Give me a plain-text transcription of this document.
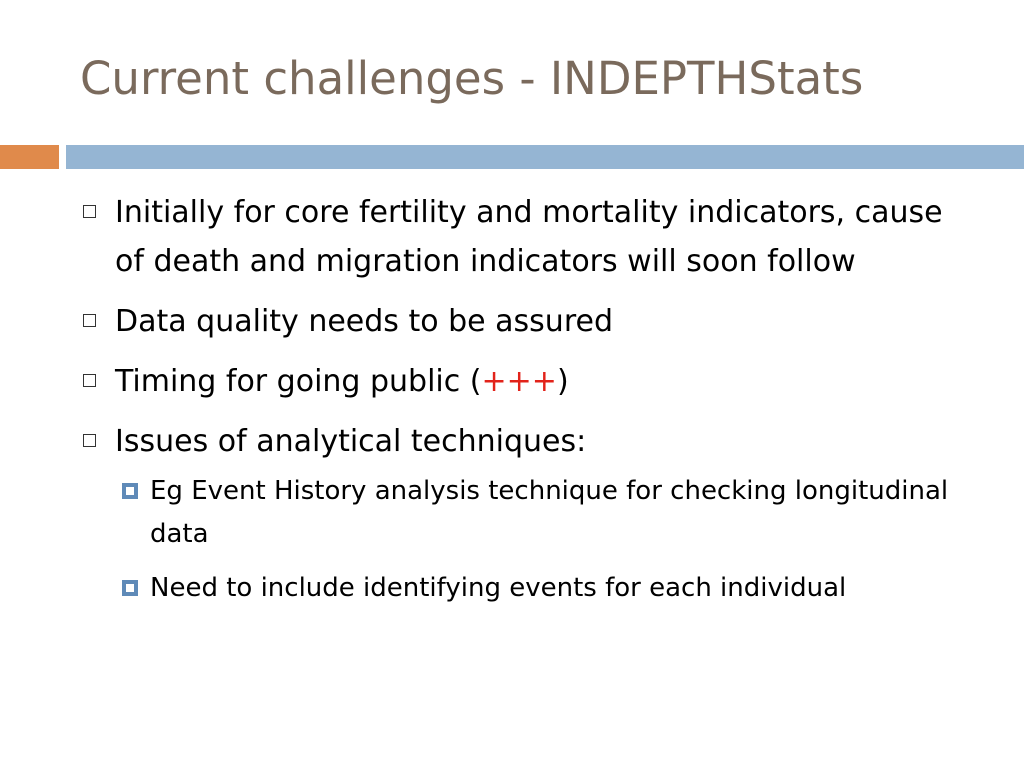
Current challenges - INDEPTHStats
Initially for core fertility and mortality indicators, cause of death and migration indicators will soon follow
Data quality needs to be assured
Timing for going public (+++)
Issues of analytical techniques:
Eg Event History analysis technique for checking longitudinal data
Need to include identifying events for each individual
